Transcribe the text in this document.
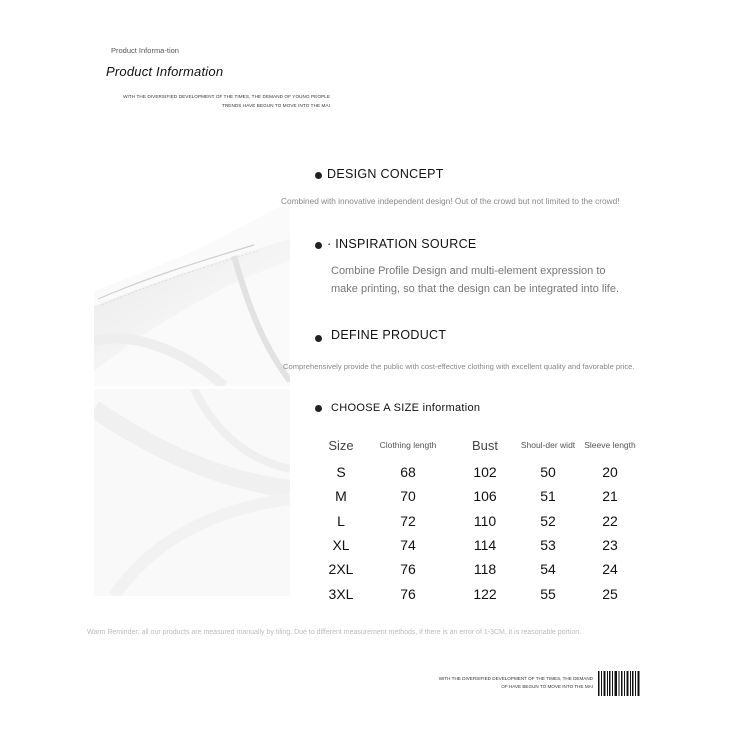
Product Informa-tion
Product Information
WITH THE DIVERSIFIED DEVELOPMENT OF THE TIMES, THE DEMAND OF YOUNG PEOPLE TRENDS HAVE BEGUN TO MOVE INTO THE MAI
DESIGN CONCEPT
Combined with innovative independent design! Out of the crowd but not limited to the crowd!
· INSPIRATION SOURCE
Combine Profile Design and multi-element expression to make printing, so that the design can be integrated into life.
DEFINE PRODUCT
Comprehensively provide the public with cost-effective clothing with excellent quality and favorable price.
CHOOSE A SIZE information
Size	Clothing length	Bust	Shoul-der widt	Sleeve length
S	68	102	50	20
M	70	106	51	21
L	72	110	52	22
XL	74	114	53	23
2XL	76	118	54	24
3XL	76	122	55	25
Warm Reminder: all our products are measured manually by tiling. Due to different measurement methods, if there is an error of 1-3CM, it is reasonable portion.
WITH THE DIVERSIFIED DEVELOPMENT OF THE TIMES, THE DEMAND OF HAVE BEGUN TO MOVE INTO THE MAI
